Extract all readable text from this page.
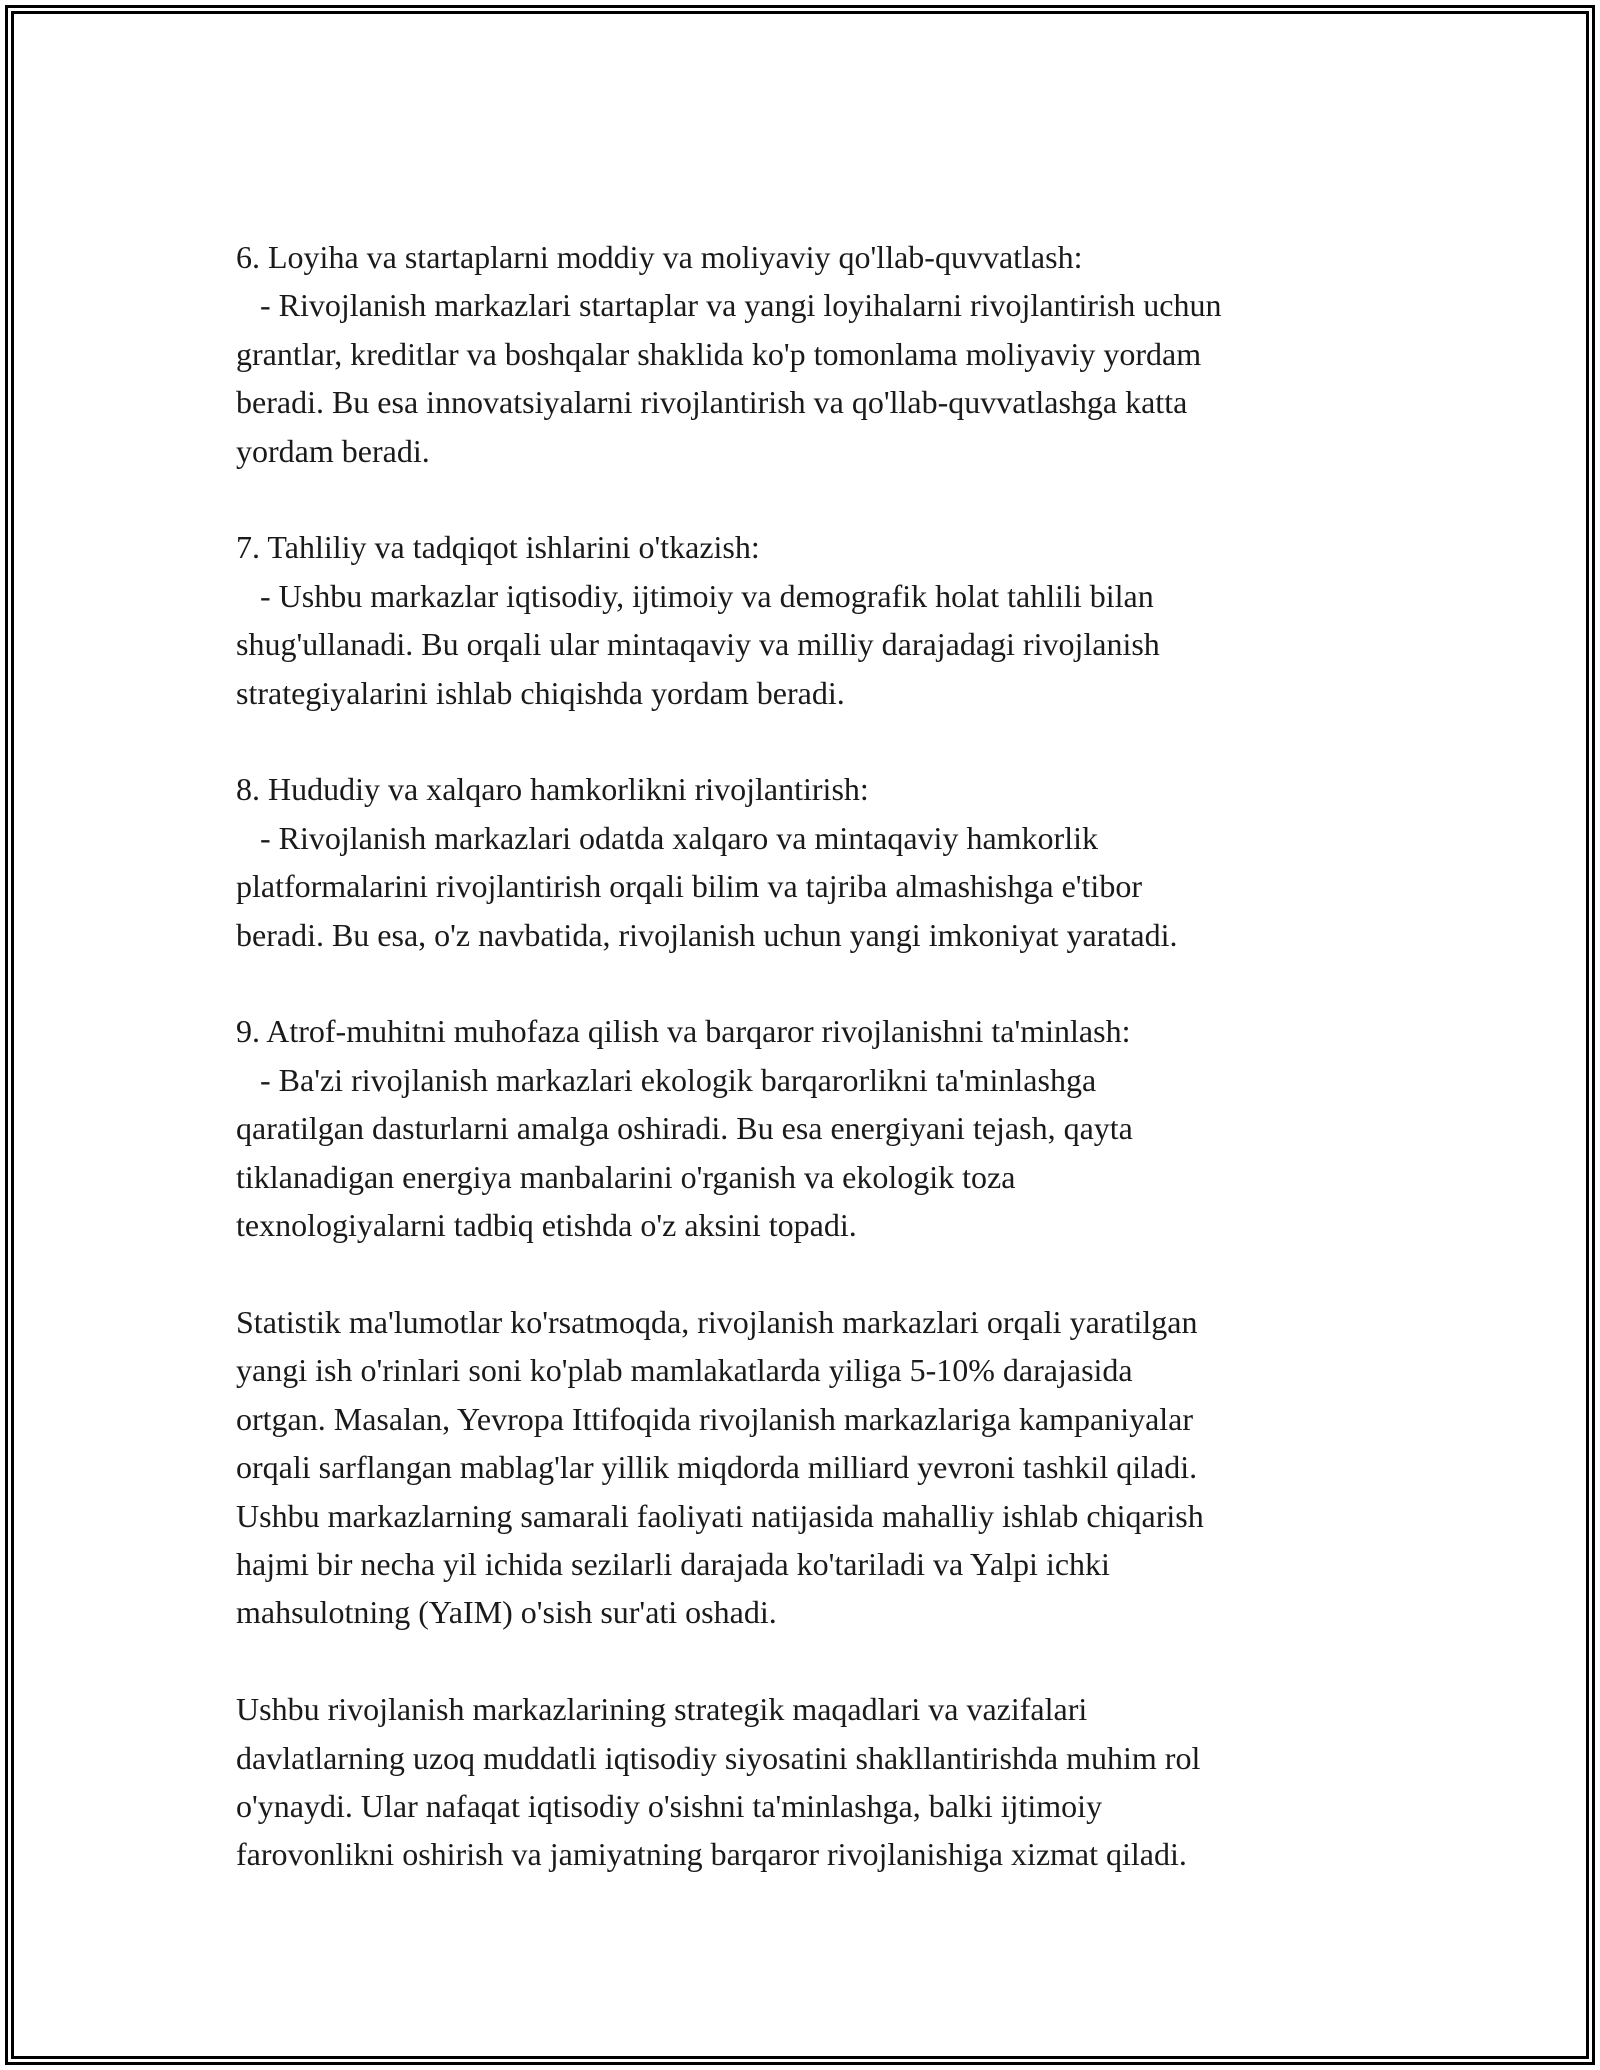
6. Loyiha va startaplarni moddiy va moliyaviy qo'llab-quvvatlash:

- Rivojlanish markazlari startaplar va yangi loyihalarni rivojlantirish uchun

grantlar, kreditlar va boshqalar shaklida ko'p tomonlama moliyaviy yordam

beradi. Bu esa innovatsiyalarni rivojlantirish va qo'llab-quvvatlashga katta

yordam beradi.

7. Tahliliy va tadqiqot ishlarini o'tkazish:

- Ushbu markazlar iqtisodiy, ijtimoiy va demografik holat tahlili bilan

shug'ullanadi. Bu orqali ular mintaqaviy va milliy darajadagi rivojlanish

strategiyalarini ishlab chiqishda yordam beradi.

8. Hududiy va xalqaro hamkorlikni rivojlantirish:

- Rivojlanish markazlari odatda xalqaro va mintaqaviy hamkorlik

platformalarini rivojlantirish orqali bilim va tajriba almashishga e'tibor

beradi. Bu esa, o'z navbatida, rivojlanish uchun yangi imkoniyat yaratadi.

9. Atrof-muhitni muhofaza qilish va barqaror rivojlanishni ta'minlash:

- Ba'zi rivojlanish markazlari ekologik barqarorlikni ta'minlashga

qaratilgan dasturlarni amalga oshiradi. Bu esa energiyani tejash, qayta

tiklanadigan energiya manbalarini o'rganish va ekologik toza

texnologiyalarni tadbiq etishda o'z aksini topadi.

Statistik ma'lumotlar ko'rsatmoqda, rivojlanish markazlari orqali yaratilgan

yangi ish o'rinlari soni ko'plab mamlakatlarda yiliga 5-10% darajasida

ortgan. Masalan, Yevropa Ittifoqida rivojlanish markazlariga kampaniyalar

orqali sarflangan mablag'lar yillik miqdorda milliard yevroni tashkil qiladi.

Ushbu markazlarning samarali faoliyati natijasida mahalliy ishlab chiqarish

hajmi bir necha yil ichida sezilarli darajada ko'tariladi va Yalpi ichki

mahsulotning (YaIM) o'sish sur'ati oshadi.

Ushbu rivojlanish markazlarining strategik maqadlari va vazifalari

davlatlarning uzoq muddatli iqtisodiy siyosatini shakllantirishda muhim rol

o'ynaydi. Ular nafaqat iqtisodiy o'sishni ta'minlashga, balki ijtimoiy

farovonlikni oshirish va jamiyatning barqaror rivojlanishiga xizmat qiladi.
